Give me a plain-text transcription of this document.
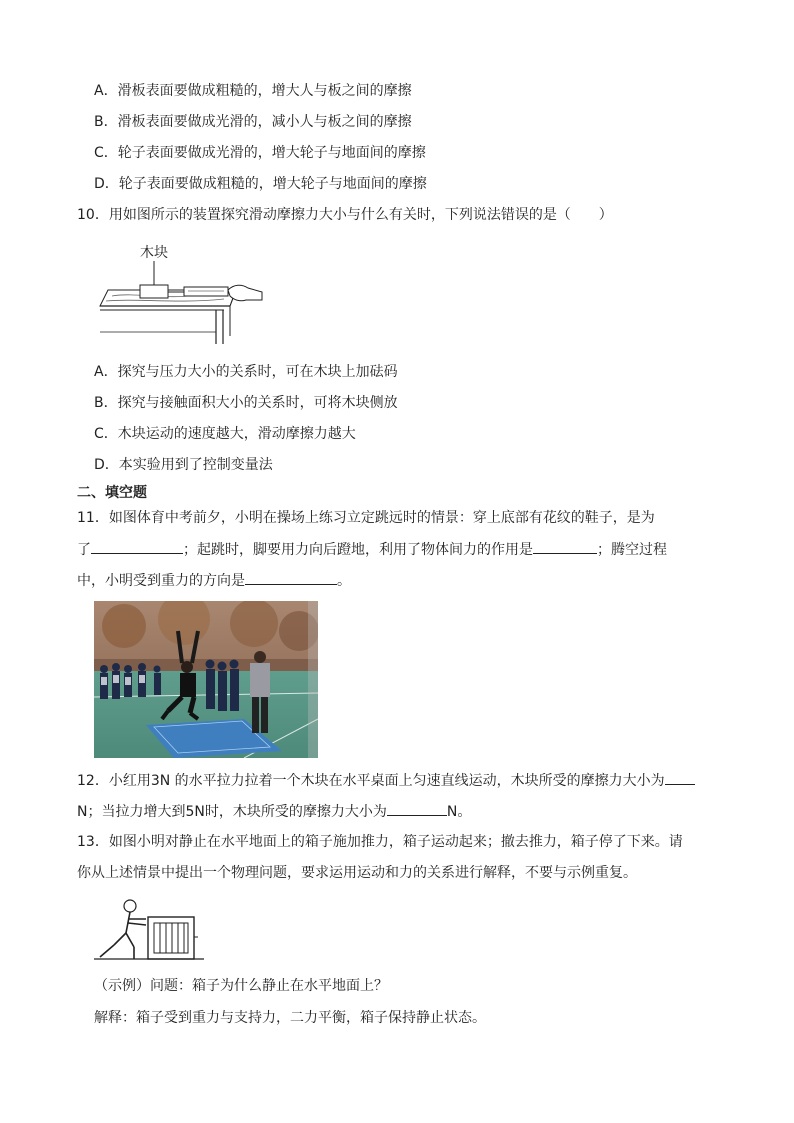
A．滑板表面要做成粗糙的，增大人与板之间的摩擦
B．滑板表面要做成光滑的，减小人与板之间的摩擦
C．轮子表面要做成光滑的，增大轮子与地面间的摩擦
D．轮子表面要做成粗糙的，增大轮子与地面间的摩擦
10．用如图所示的装置探究滑动摩擦力大小与什么有关时，下列说法错误的是（　　）
木块
A．探究与压力大小的关系时，可在木块上加砝码
B．探究与接触面积大小的关系时，可将木块侧放
C．木块运动的速度越大，滑动摩擦力越大
D．本实验用到了控制变量法
二、填空题
11．如图体育中考前夕，小明在操场上练习立定跳远时的情景：穿上底部有花纹的鞋子，是为
了	；起跳时，脚要用力向后蹬地，利用了物体间力的作用是	；腾空过程
中，小明受到重力的方向是	。
12．小红用3N 的水平拉力拉着一个木块在水平桌面上匀速直线运动，木块所受的摩擦力大小为
N；当拉力增大到5N时，木块所受的摩擦力大小为	N。
13．如图小明对静止在水平地面上的箱子施加推力，箱子运动起来；撤去推力，箱子停了下来。请
你从上述情景中提出一个物理问题，要求运用运动和力的关系进行解释，不要与示例重复。
（示例）问题：箱子为什么静止在水平地面上？
解释：箱子受到重力与支持力，二力平衡，箱子保持静止状态。
